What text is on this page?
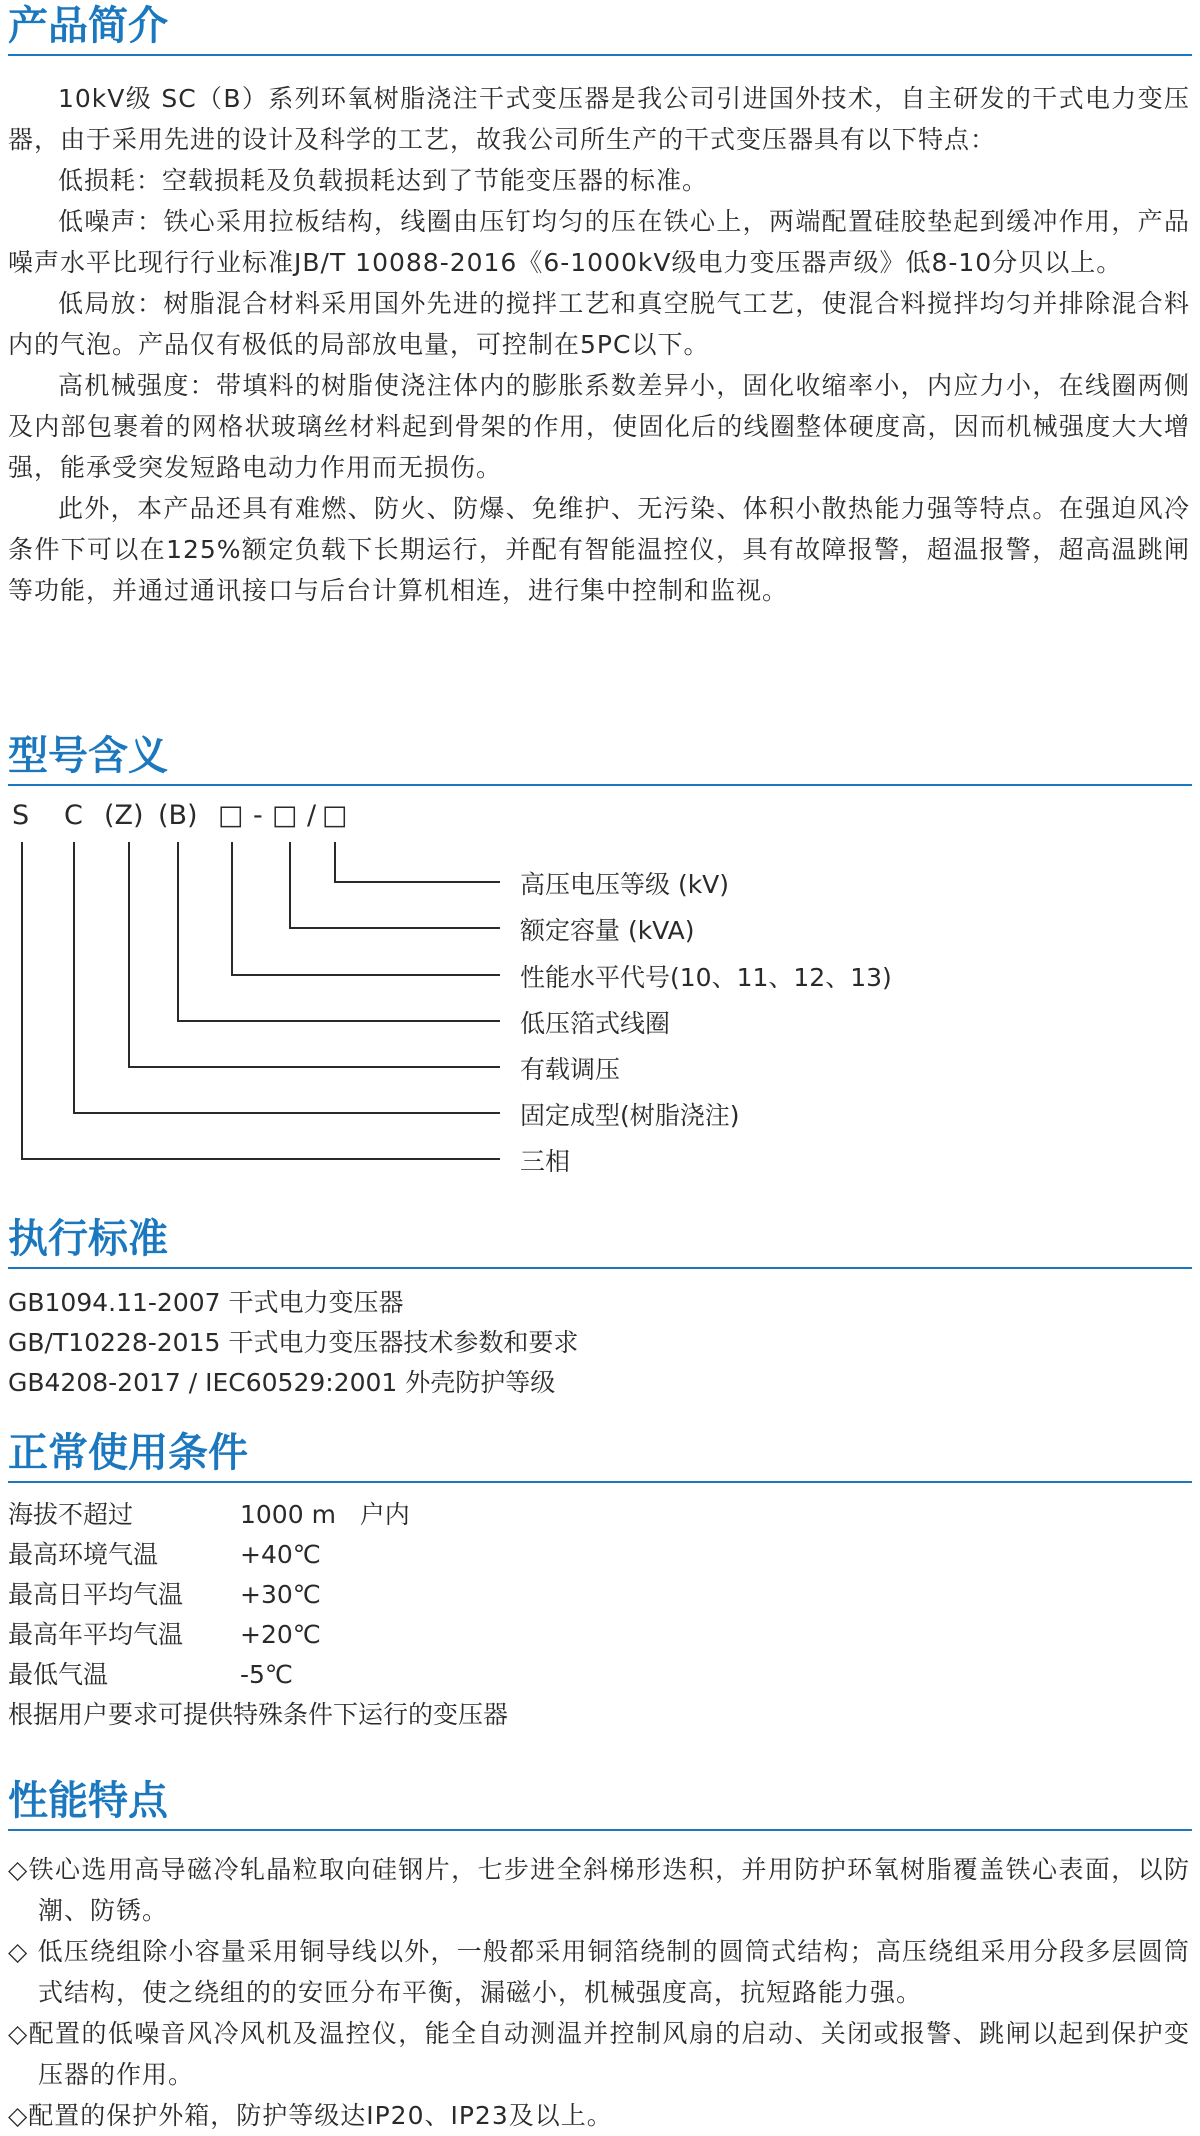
产品简介

10kV级 SC（B）系列环氧树脂浇注干式变压器是我公司引进国外技术，自主研发的干式电力变压器，由于采用先进的设计及科学的工艺，故我公司所生产的干式变压器具有以下特点：

低损耗：空载损耗及负载损耗达到了节能变压器的标准。

低噪声：铁心采用拉板结构，线圈由压钉均匀的压在铁心上，两端配置硅胶垫起到缓冲作用，产品噪声水平比现行行业标准JB/T 10088-2016《6-1000kV级电力变压器声级》低8-10分贝以上。

低局放：树脂混合材料采用国外先进的搅拌工艺和真空脱气工艺，使混合料搅拌均匀并排除混合料内的气泡。产品仅有极低的局部放电量，可控制在5PC以下。

高机械强度：带填料的树脂使浇注体内的膨胀系数差异小，固化收缩率小，内应力小，在线圈两侧及内部包裹着的网格状玻璃丝材料起到骨架的作用，使固化后的线圈整体硬度高，因而机械强度大大增强，能承受突发短路电动力作用而无损伤。

此外，本产品还具有难燃、防火、防爆、免维护、无污染、体积小散热能力强等特点。在强迫风冷条件下可以在125%额定负载下长期运行，并配有智能温控仪，具有故障报警，超温报警，超高温跳闸等功能，并通过通讯接口与后台计算机相连，进行集中控制和监视。

型号含义
S C (Z) (B) □ - □ / □
高压电压等级 (kV)
额定容量 (kVA)
性能水平代号(10、11、12、13)
低压箔式线圈
有载调压
固定成型(树脂浇注)
三相
执行标准
GB1094.11-2007 干式电力变压器
GB/T10228-2015 干式电力变压器技术参数和要求
GB4208-2017 / IEC60529:2001 外壳防护等级
正常使用条件
海拔不超过	1000 m   户内
最高环境气温	+40℃
最高日平均气温 +30℃
最高年平均气温 +20℃
最低气温	-5℃
根据用户要求可提供特殊条件下运行的变压器
性能特点

◇铁心选用高导磁冷轧晶粒取向硅钢片，七步进全斜梯形迭积，并用防护环氧树脂覆盖铁心表面，以防潮、防锈。

◇ 低压绕组除小容量采用铜导线以外，一般都采用铜箔绕制的圆筒式结构；高压绕组采用分段多层圆筒式结构，使之绕组的的安匝分布平衡，漏磁小，机械强度高，抗短路能力强。

◇配置的低噪音风冷风机及温控仪，能全自动测温并控制风扇的启动、关闭或报警、跳闸以起到保护变压器的作用。

◇配置的保护外箱，防护等级达IP20、IP23及以上。
